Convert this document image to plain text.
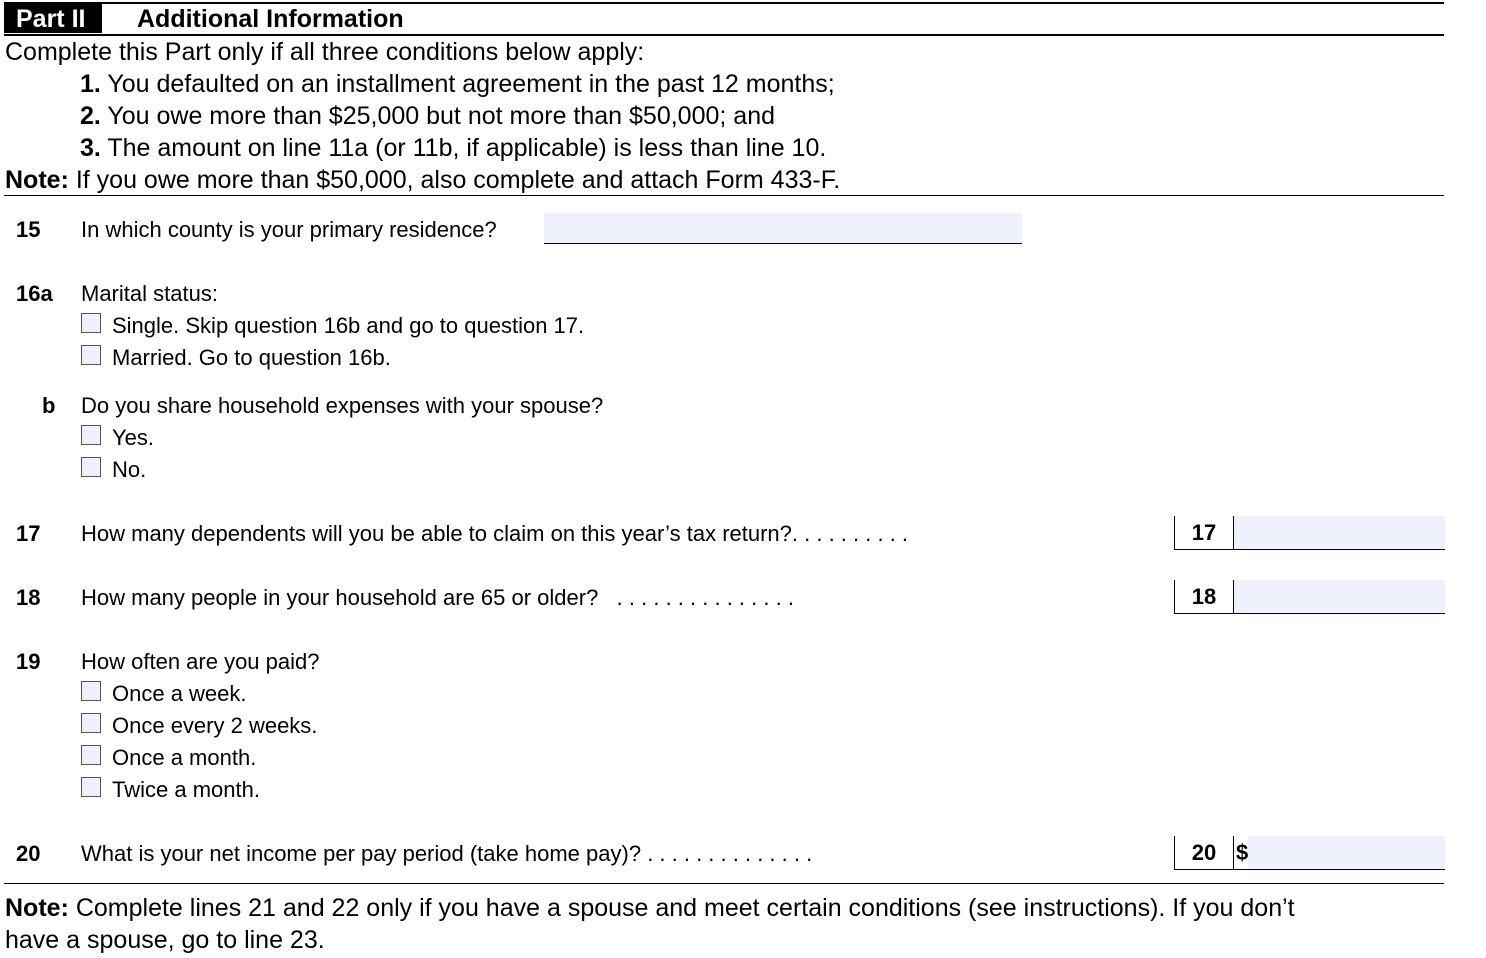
Part II	Additional Information
Complete this Part only if all three conditions below apply:
1. You defaulted on an installment agreement in the past 12 months;
2. You owe more than $25,000 but not more than $50,000; and
3. The amount on line 11a (or 11b, if applicable) is less than line 10.
Note: If you owe more than $50,000, also complete and attach Form 433-F.
15 In which county is your primary residence?
16a Marital status:
Single. Skip question 16b and go to question 17.
Married. Go to question 16b.
b Do you share household expenses with your spouse?
Yes.
No.
17 How many dependents will you be able to claim on this year’s tax return?. . . . . . . . . .	17
18 How many people in your household are 65 or older? . . . . . . . . . . . . . . .	18
19 How often are you paid?
Once a week.
Once every 2 weeks.
Once a month.
Twice a month.
20 What is your net income per pay period (take home pay)? . . . . . . . . . . . . . .	20 $
Note: Complete lines 21 and 22 only if you have a spouse and meet certain conditions (see instructions). If you don’t
have a spouse, go to line 23.
